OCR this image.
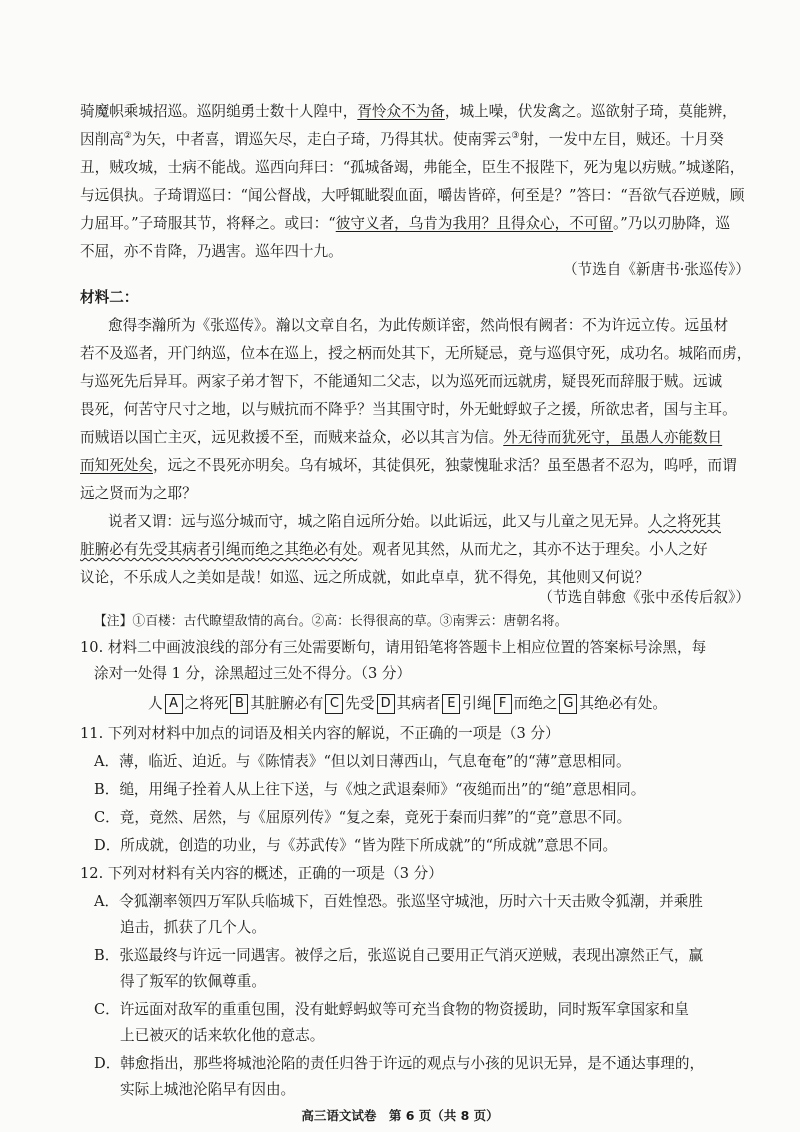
骑魔帜乘城招巡。巡阴缒勇士数十人隍中，胥怜众不为备，城上噪，伏发禽之。巡欲射子琦，莫能辨，
因削高②为矢，中者喜，谓巡矢尽，走白子琦，乃得其状。使南霁云③射，一发中左目，贼还。十月癸
丑，贼攻城，士病不能战。巡西向拜曰：“孤城备竭，弗能全，臣生不报陛下，死为鬼以疠贼。”城遂陷，
与远俱执。子琦谓巡曰：“闻公督战，大呼辄眦裂血面，嚼齿皆碎，何至是？”答曰：“吾欲气吞逆贼，顾
力屈耳。”子琦服其节，将释之。或曰：“彼守义者，乌肯为我用？且得众心，不可留。”乃以刃胁降，巡
不屈，亦不肯降，乃遇害。巡年四十九。
（节选自《新唐书·张巡传》）
材料二：
愈得李瀚所为《张巡传》。瀚以文章自名，为此传颇详密，然尚恨有阙者：不为许远立传。远虽材
若不及巡者，开门纳巡，位本在巡上，授之柄而处其下，无所疑忌，竟与巡俱守死，成功名。城陷而虏，
与巡死先后异耳。两家子弟才智下，不能通知二父志，以为巡死而远就虏，疑畏死而辞服于贼。远诚
畏死，何苦守尺寸之地，以与贼抗而不降乎？当其围守时，外无蚍蜉蚁子之援，所欲忠者，国与主耳。
而贼语以国亡主灭，远见救援不至，而贼来益众，必以其言为信。外无待而犹死守，虽愚人亦能数日
而知死处矣，远之不畏死亦明矣。乌有城坏，其徒俱死，独蒙愧耻求活？虽至愚者不忍为，呜呼，而谓
远之贤而为之耶？
说者又谓：远与巡分城而守，城之陷自远所分始。以此诟远，此又与儿童之见无异。人之将死其
脏腑必有先受其病者引绳而绝之其绝必有处。观者见其然，从而尤之，其亦不达于理矣。小人之好
议论，不乐成人之美如是哉！如巡、远之所成就，如此卓卓，犹不得免，其他则又何说？
（节选自韩愈《张中丞传后叙》）
【注】①百楼：古代瞭望敌情的高台。②高：长得很高的草。③南霁云：唐朝名将。
10. 材料二中画波浪线的部分有三处需要断句，请用铅笔将答题卡上相应位置的答案标号涂黑，每
涂对一处得 1 分，涂黑超过三处不得分。（3 分）
人 A 之将死 B 其脏腑必有 C 先受 D 其病者 E 引绳 F 而绝之 G 其绝必有处。
11. 下列对材料中加点的词语及相关内容的解说，不正确的一项是（3 分）
A．薄，临近、迫近。与《陈情表》“但以刘日薄西山，气息奄奄”的“薄”意思相同。
B．缒，用绳子拴着人从上往下送，与《烛之武退秦师》“夜缒而出”的“缒”意思相同。
C．竟，竟然、居然，与《屈原列传》“复之秦，竟死于秦而归葬”的“竟”意思不同。
D．所成就，创造的功业，与《苏武传》“皆为陛下所成就”的“所成就”意思不同。
12. 下列对材料有关内容的概述，正确的一项是（3 分）
A．令狐潮率领四万军队兵临城下，百姓惶恐。张巡坚守城池，历时六十天击败令狐潮，并乘胜
追击，抓获了几个人。
B．张巡最终与许远一同遇害。被俘之后，张巡说自己要用正气消灭逆贼，表现出凛然正气，赢
得了叛军的钦佩尊重。
C．许远面对敌军的重重包围，没有蚍蜉蚂蚁等可充当食物的物资援助，同时叛军拿国家和皇
上已被灭的话来软化他的意志。
D．韩愈指出，那些将城池沦陷的责任归咎于许远的观点与小孩的见识无异，是不通达事理的，
实际上城池沦陷早有因由。
高三语文试卷　第 6 页（共 8 页）
